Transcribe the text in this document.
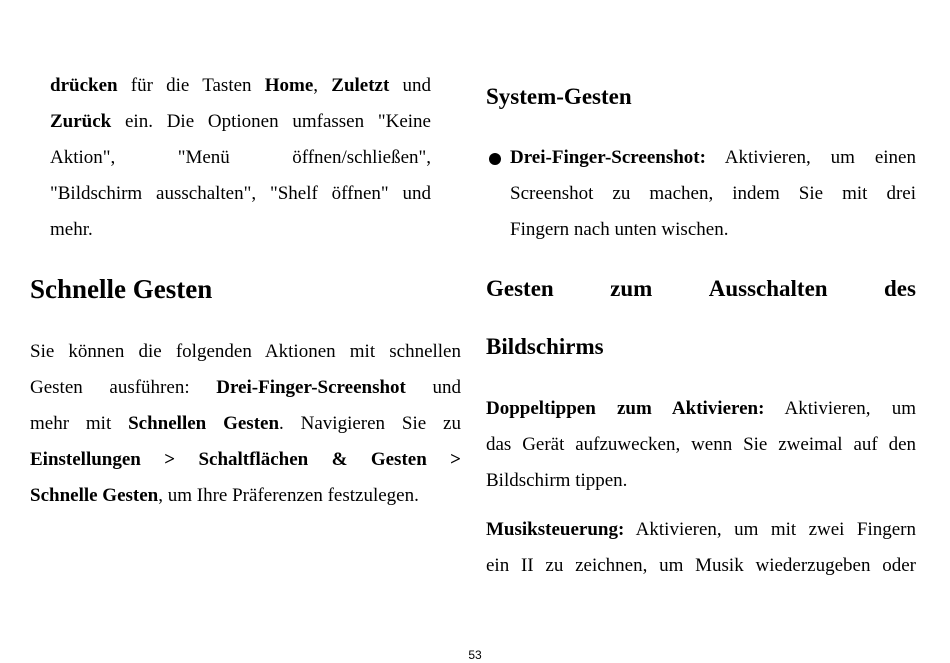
drücken für die Tasten Home, Zuletzt und
Zurück ein. Die Optionen umfassen "Keine
Aktion",	"Menü	öffnen/schließen",
"Bildschirm ausschalten", "Shelf öffnen" und
mehr.
Schnelle Gesten
Sie können die folgenden Aktionen mit schnellen
Gesten ausführen: Drei-Finger-Screenshot und
mehr mit Schnellen Gesten. Navigieren Sie zu
Einstellungen > Schaltflächen & Gesten >
Schnelle Gesten, um Ihre Präferenzen festzulegen.
System-Gesten
Drei-Finger-Screenshot: Aktivieren, um einen
Screenshot zu machen, indem Sie mit drei
Fingern nach unten wischen.
Gesten zum Ausschalten des
Bildschirms
Doppeltippen zum Aktivieren: Aktivieren, um
das Gerät aufzuwecken, wenn Sie zweimal auf den
Bildschirm tippen.
Musiksteuerung: Aktivieren, um mit zwei Fingern
ein II zu zeichnen, um Musik wiederzugeben oder
53
